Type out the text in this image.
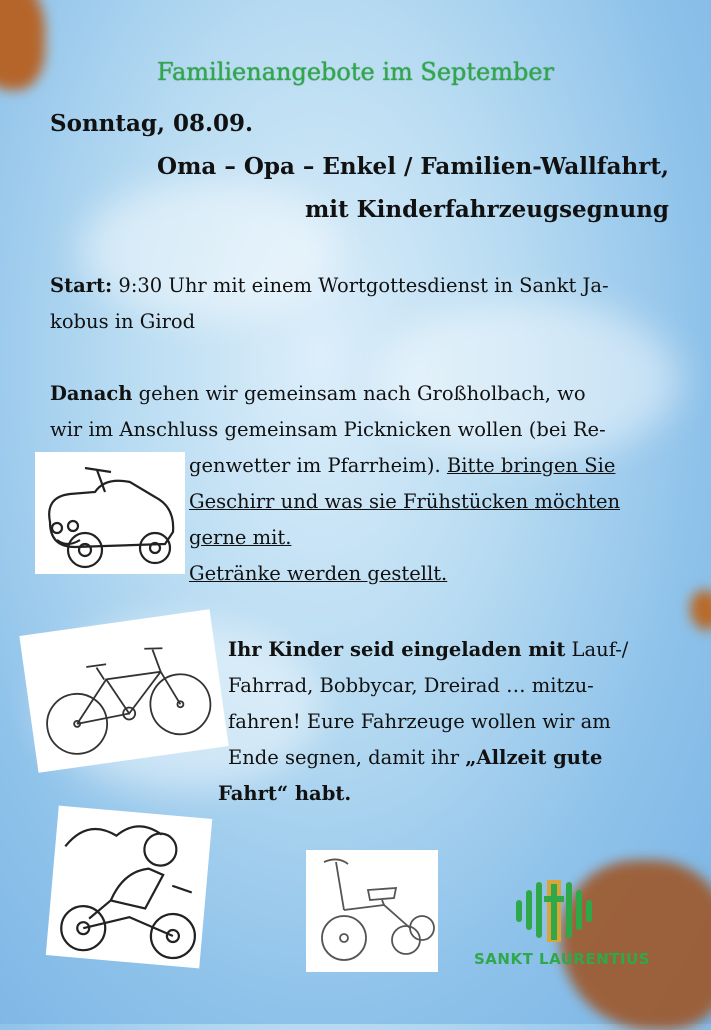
Familienangebote im September
Sonntag, 08.09.
Oma – Opa – Enkel / Familien-Wallfahrt,
mit Kinderfahrzeugsegnung
Start: 9:30 Uhr mit einem Wortgottesdienst in Sankt Ja-
kobus in Girod
Danach gehen wir gemeinsam nach Großholbach, wo
wir im Anschluss gemeinsam Picknicken wollen (bei Re-
genwetter im Pfarrheim). Bitte bringen Sie
Geschirr und was sie Frühstücken möchten
gerne mit.
Getränke werden gestellt.
Ihr Kinder seid eingeladen mit Lauf-/
Fahrrad, Bobbycar, Dreirad … mitzu-
fahren! Eure Fahrzeuge wollen wir am
Ende segnen, damit ihr „Allzeit gute
Fahrt“ habt.
SANKT LAURENTIUS
